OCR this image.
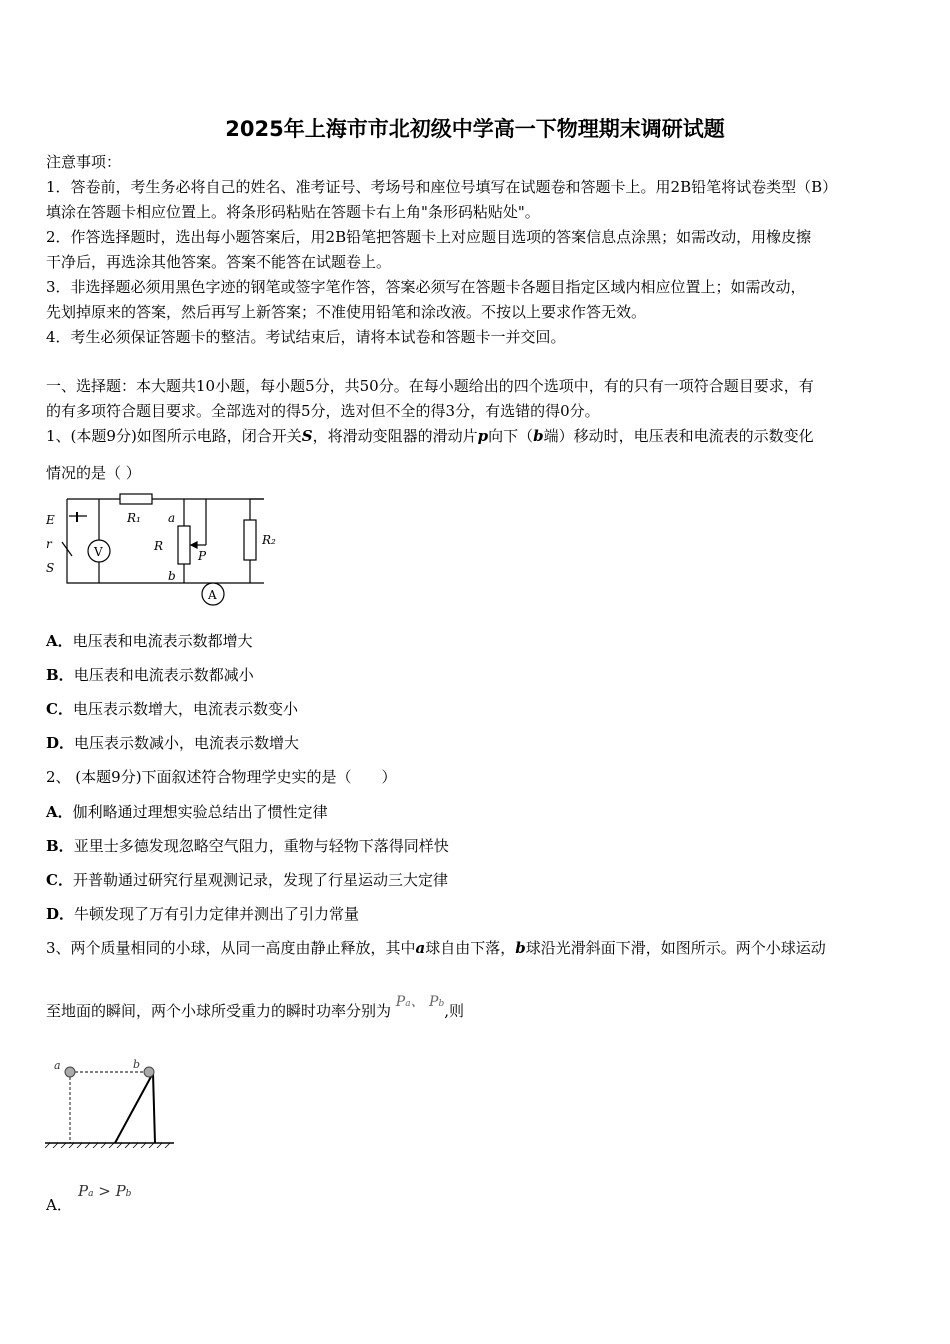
2025年上海市市北初级中学高一下物理期末调研试题
注意事项：
1．答卷前，考生务必将自己的姓名、准考证号、考场号和座位号填写在试题卷和答题卡上。用2B铅笔将试卷类型（B）
填涂在答题卡相应位置上。将条形码粘贴在答题卡右上角"条形码粘贴处"。
2．作答选择题时，选出每小题答案后，用2B铅笔把答题卡上对应题目选项的答案信息点涂黑；如需改动，用橡皮擦
干净后，再选涂其他答案。答案不能答在试题卷上。
3．非选择题必须用黑色字迹的钢笔或签字笔作答，答案必须写在答题卡各题目指定区域内相应位置上；如需改动，
先划掉原来的答案，然后再写上新答案；不准使用铅笔和涂改液。不按以上要求作答无效。
4．考生必须保证答题卡的整洁。考试结束后，请将本试卷和答题卡一并交回。
一、选择题：本大题共10小题，每小题5分，共50分。在每小题给出的四个选项中，有的只有一项符合题目要求，有
的有多项符合题目要求。全部选对的得5分，选对但不全的得3分，有选错的得0分。
1、(本题9分)如图所示电路，闭合开关S，将滑动变阻器的滑动片p向下（b端）移动时，电压表和电流表的示数变化
情况的是（ ）
E
r
S
V
R₁ a
R
P
b
A
R₂
A．电压表和电流表示数都增大
B．电压表和电流表示数都减小
C．电压表示数增大，电流表示数变小
D．电压表示数减小，电流表示数增大
2、 (本题9分)下面叙述符合物理学史实的是（　　）
A．伽利略通过理想实验总结出了惯性定律
B．亚里士多德发现忽略空气阻力，重物与轻物下落得同样快
C．开普勒通过研究行星观测记录，发现了行星运动三大定律
D．牛顿发现了万有引力定律并测出了引力常量
3、两个质量相同的小球，从同一高度由静止释放，其中a球自由下落，b球沿光滑斜面下滑，如图所示。两个小球运动
至地面的瞬间，两个小球所受重力的瞬时功率分别为 Pa、 Pb,则
a	b
A．
Pa > Pb
